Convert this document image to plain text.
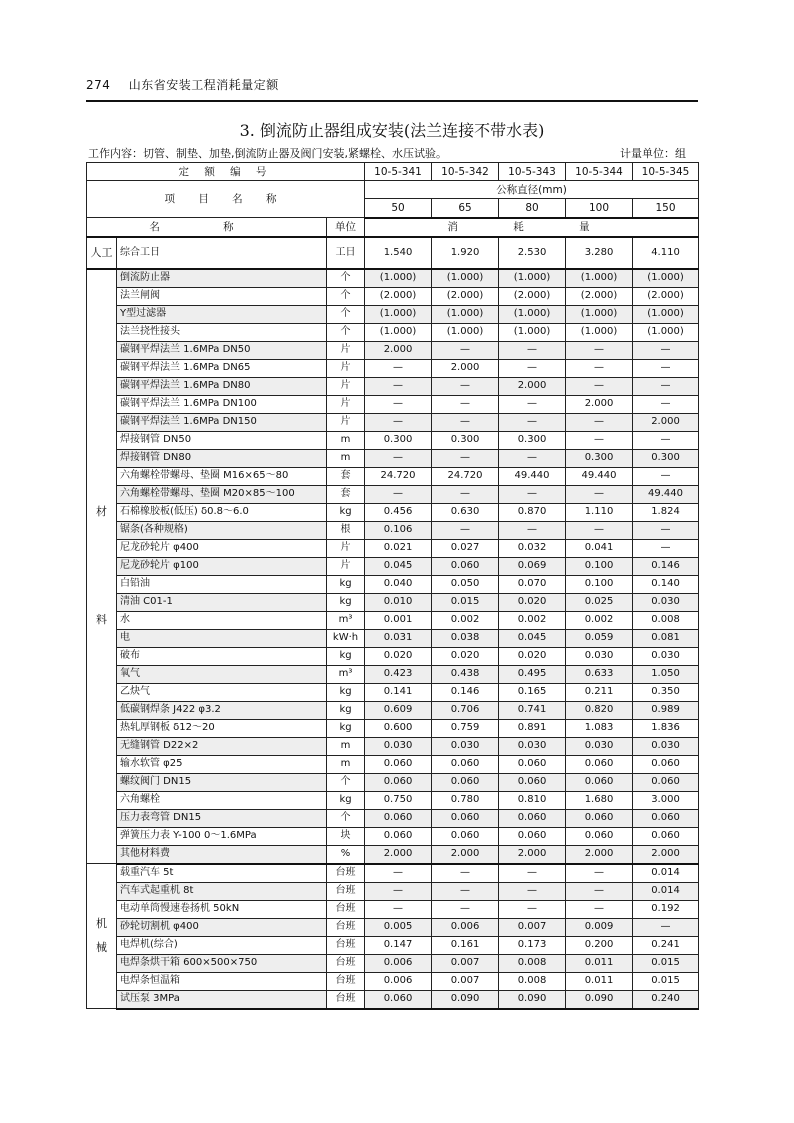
274 山东省安装工程消耗量定额
3. 倒流防止器组成安装(法兰连接不带水表)
工作内容：切管、制垫、加垫,倒流防止器及阀门安装,紧螺栓、水压试验。	计量单位：组
定 额 编 号			10-5-341	10-5-342	10-5-343	10-5-344	10-5-345
项 目 名 称			公称直径(mm)				
			50	65	80	100	150
名 称		单位	消 耗 量				
人工	综合工日	工日	1.540	1.920	2.530	3.280	4.110
材

料	倒流防止器	个	(1.000)	(1.000)	(1.000)	(1.000)	(1.000)
	法兰闸阀	个	(2.000)	(2.000)	(2.000)	(2.000)	(2.000)
	Y型过滤器	个	(1.000)	(1.000)	(1.000)	(1.000)	(1.000)
	法兰挠性接头	个	(1.000)	(1.000)	(1.000)	(1.000)	(1.000)
	碳钢平焊法兰 1.6MPa DN50	片	2.000	—	—	—	—
	碳钢平焊法兰 1.6MPa DN65	片	—	2.000	—	—	—
	碳钢平焊法兰 1.6MPa DN80	片	—	—	2.000	—	—
	碳钢平焊法兰 1.6MPa DN100	片	—	—	—	2.000	—
	碳钢平焊法兰 1.6MPa DN150	片	—	—	—	—	2.000
	焊接钢管 DN50	m	0.300	0.300	0.300	—	—
	焊接钢管 DN80	m	—	—	—	0.300	0.300
	六角螺栓带螺母、垫圈 M16×65～80	套	24.720	24.720	49.440	49.440	—
	六角螺栓带螺母、垫圈 M20×85～100	套	—	—	—	—	49.440
	石棉橡胶板(低压) δ0.8～6.0	kg	0.456	0.630	0.870	1.110	1.824
	锯条(各种规格)	根	0.106	—	—	—	—
	尼龙砂轮片 φ400	片	0.021	0.027	0.032	0.041	—
	尼龙砂轮片 φ100	片	0.045	0.060	0.069	0.100	0.146
	白铅油	kg	0.040	0.050	0.070	0.100	0.140
	清油 C01-1	kg	0.010	0.015	0.020	0.025	0.030
	水	m³	0.001	0.002	0.002	0.002	0.008
	电	kW·h	0.031	0.038	0.045	0.059	0.081
	破布	kg	0.020	0.020	0.020	0.030	0.030
	氧气	m³	0.423	0.438	0.495	0.633	1.050
	乙炔气	kg	0.141	0.146	0.165	0.211	0.350
	低碳钢焊条 J422 φ3.2	kg	0.609	0.706	0.741	0.820	0.989
	热轧厚钢板 δ12～20	kg	0.600	0.759	0.891	1.083	1.836
	无缝钢管 D22×2	m	0.030	0.030	0.030	0.030	0.030
	输水软管 φ25	m	0.060	0.060	0.060	0.060	0.060
	螺纹阀门 DN15	个	0.060	0.060	0.060	0.060	0.060
	六角螺栓	kg	0.750	0.780	0.810	1.680	3.000
	压力表弯管 DN15	个	0.060	0.060	0.060	0.060	0.060
	弹簧压力表 Y-100 0～1.6MPa	块	0.060	0.060	0.060	0.060	0.060
	其他材料费	%	2.000	2.000	2.000	2.000	2.000
机

械	载重汽车 5t	台班	—	—	—	—	0.014
	汽车式起重机 8t	台班	—	—	—	—	0.014
	电动单筒慢速卷扬机 50kN	台班	—	—	—	—	0.192
	砂轮切割机 φ400	台班	0.005	0.006	0.007	0.009	—
	电焊机(综合)	台班	0.147	0.161	0.173	0.200	0.241
	电焊条烘干箱 600×500×750	台班	0.006	0.007	0.008	0.011	0.015
	电焊条恒温箱	台班	0.006	0.007	0.008	0.011	0.015
	试压泵 3MPa	台班	0.060	0.090	0.090	0.090	0.240
